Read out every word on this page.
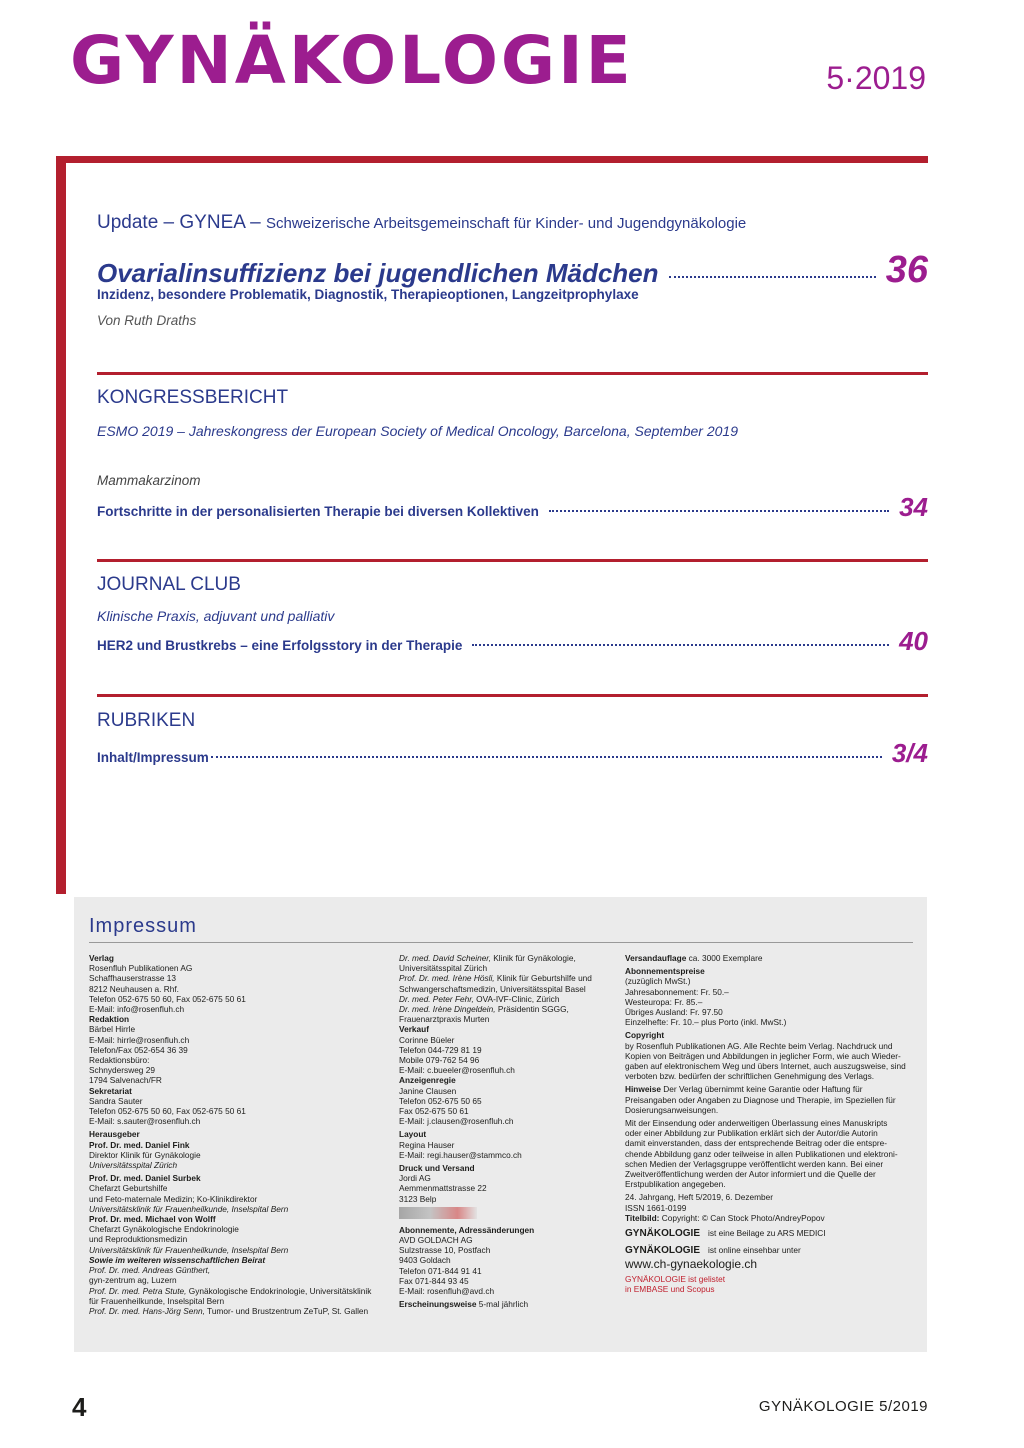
GYNÄKOLOGIE	5·2019
Update – GYNEA – Schweizerische Arbeitsgemeinschaft für Kinder- und Jugendgynäkologie
Ovarialinsuffizienz bei jugendlichen Mädchen	36
Inzidenz, besondere Problematik, Diagnostik, Therapieoptionen, Langzeitprophylaxe
Von Ruth Draths
KONGRESSBERICHT
ESMO 2019 – Jahreskongress der European Society of Medical Oncology, Barcelona, September 2019
Mammakarzinom
Fortschritte in der personalisierten Therapie bei diversen Kollektiven	34
JOURNAL CLUB
Klinische Praxis, adjuvant und palliativ
HER2 und Brustkrebs – eine Erfolgsstory in der Therapie	40
RUBRIKEN
Inhalt/Impressum	3/4
Impressum
Verlag
Rosenfluh Publikationen AG
Schaffhauserstrasse 13
8212 Neuhausen a. Rhf.
Telefon 052-675 50 60, Fax 052-675 50 61
E-Mail: info@rosenfluh.ch
Redaktion
Bärbel Hirrle
E-Mail: hirrle@rosenfluh.ch
Telefon/Fax 052-654 36 39
Redaktionsbüro:
Schnydersweg 29
1794 Salvenach/FR
Sekretariat
Sandra Sauter
Telefon 052-675 50 60, Fax 052-675 50 61
E-Mail: s.sauter@rosenfluh.ch
Herausgeber
Prof. Dr. med. Daniel Fink
Direktor Klinik für Gynäkologie
Universitätsspital Zürich
Prof. Dr. med. Daniel Surbek
Chefarzt Geburtshilfe
und Feto-maternale Medizin; Ko-Klinikdirektor
Universitätsklinik für Frauenheilkunde, Inselspital Bern
Prof. Dr. med. Michael von Wolff
Chefarzt Gynäkologische Endokrinologie
und Reproduktionsmedizin
Universitätsklinik für Frauenheilkunde, Inselspital Bern
Sowie im weiteren wissenschaftlichen Beirat
Prof. Dr. med. Andreas Günthert,
gyn-zentrum ag, Luzern
Prof. Dr. med. Petra Stute, Gynäkologische Endokrinologie, Universitätsklinik
für Frauenheilkunde, Inselspital Bern
Prof. Dr. med. Hans-Jörg Senn, Tumor- und Brustzentrum ZeTuP, St. Gallen
Dr. med. David Scheiner, Klinik für Gynäkologie,
Universitätsspital Zürich
Prof. Dr. med. Irène Hösli, Klinik für Geburtshilfe und
Schwangerschaftsmedizin, Universitätsspital Basel
Dr. med. Peter Fehr, OVA-IVF-Clinic, Zürich
Dr. med. Irène Dingeldein, Präsidentin SGGG,
Frauenarztpraxis Murten
Verkauf
Corinne Büeler
Telefon 044-729 81 19
Mobile 079-762 54 96
E-Mail: c.bueeler@rosenfluh.ch
Anzeigenregie
Janine Clausen
Telefon 052-675 50 65
Fax 052-675 50 61
E-Mail: j.clausen@rosenfluh.ch
Layout
Regina Hauser
E-Mail: regi.hauser@stammco.ch
Druck und Versand
Jordi AG
Aemmenmattstrasse 22
3123 Belp
Abonnemente, Adressänderungen
AVD GOLDACH AG
Sulzstrasse 10, Postfach
9403 Goldach
Telefon 071-844 91 41
Fax 071-844 93 45
E-Mail: rosenfluh@avd.ch
Erscheinungsweise 5-mal jährlich
Versandauflage ca. 3000 Exemplare
Abonnementspreise
(zuzüglich MwSt.)
Jahresabonnement: Fr. 50.–
Westeuropa: Fr. 85.–
Übriges Ausland: Fr. 97.50
Einzelhefte: Fr. 10.– plus Porto (inkl. MwSt.)
Copyright
by Rosenfluh Publikationen AG. Alle Rechte beim Verlag. Nachdruck und
Kopien von Beiträgen und Abbildungen in jeglicher Form, wie auch Wieder-
gaben auf elektronischem Weg und übers Internet, auch auszugsweise, sind
verboten bzw. bedürfen der schriftlichen Genehmigung des Verlags.
Hinweise Der Verlag übernimmt keine Garantie oder Haftung für
Preisangaben oder Angaben zu Diagnose und Therapie, im Speziellen für
Dosierungsanweisungen.
Mit der Einsendung oder anderweitigen Überlassung eines Manuskripts
oder einer Abbildung zur Publikation erklärt sich der Autor/die Autorin
damit einverstanden, dass der entsprechende Beitrag oder die entspre-
chende Abbildung ganz oder teilweise in allen Publikationen und elektroni-
schen Medien der Verlagsgruppe veröffentlicht werden kann. Bei einer
Zweitveröffentlichung werden der Autor informiert und die Quelle der
Erstpublikation angegeben.
24. Jahrgang, Heft 5/2019, 6. Dezember
ISSN 1661-0199
Titelbild: Copyright: © Can Stock Photo/AndreyPopov
GYNÄKOLOGIE ist eine Beilage zu ARS MEDICI
GYNÄKOLOGIE ist online einsehbar unter
www.ch-gynaekologie.ch
GYNÄKOLOGIE ist gelistet
in EMBASE und Scopus
4	GYNÄKOLOGIE 5/2019
